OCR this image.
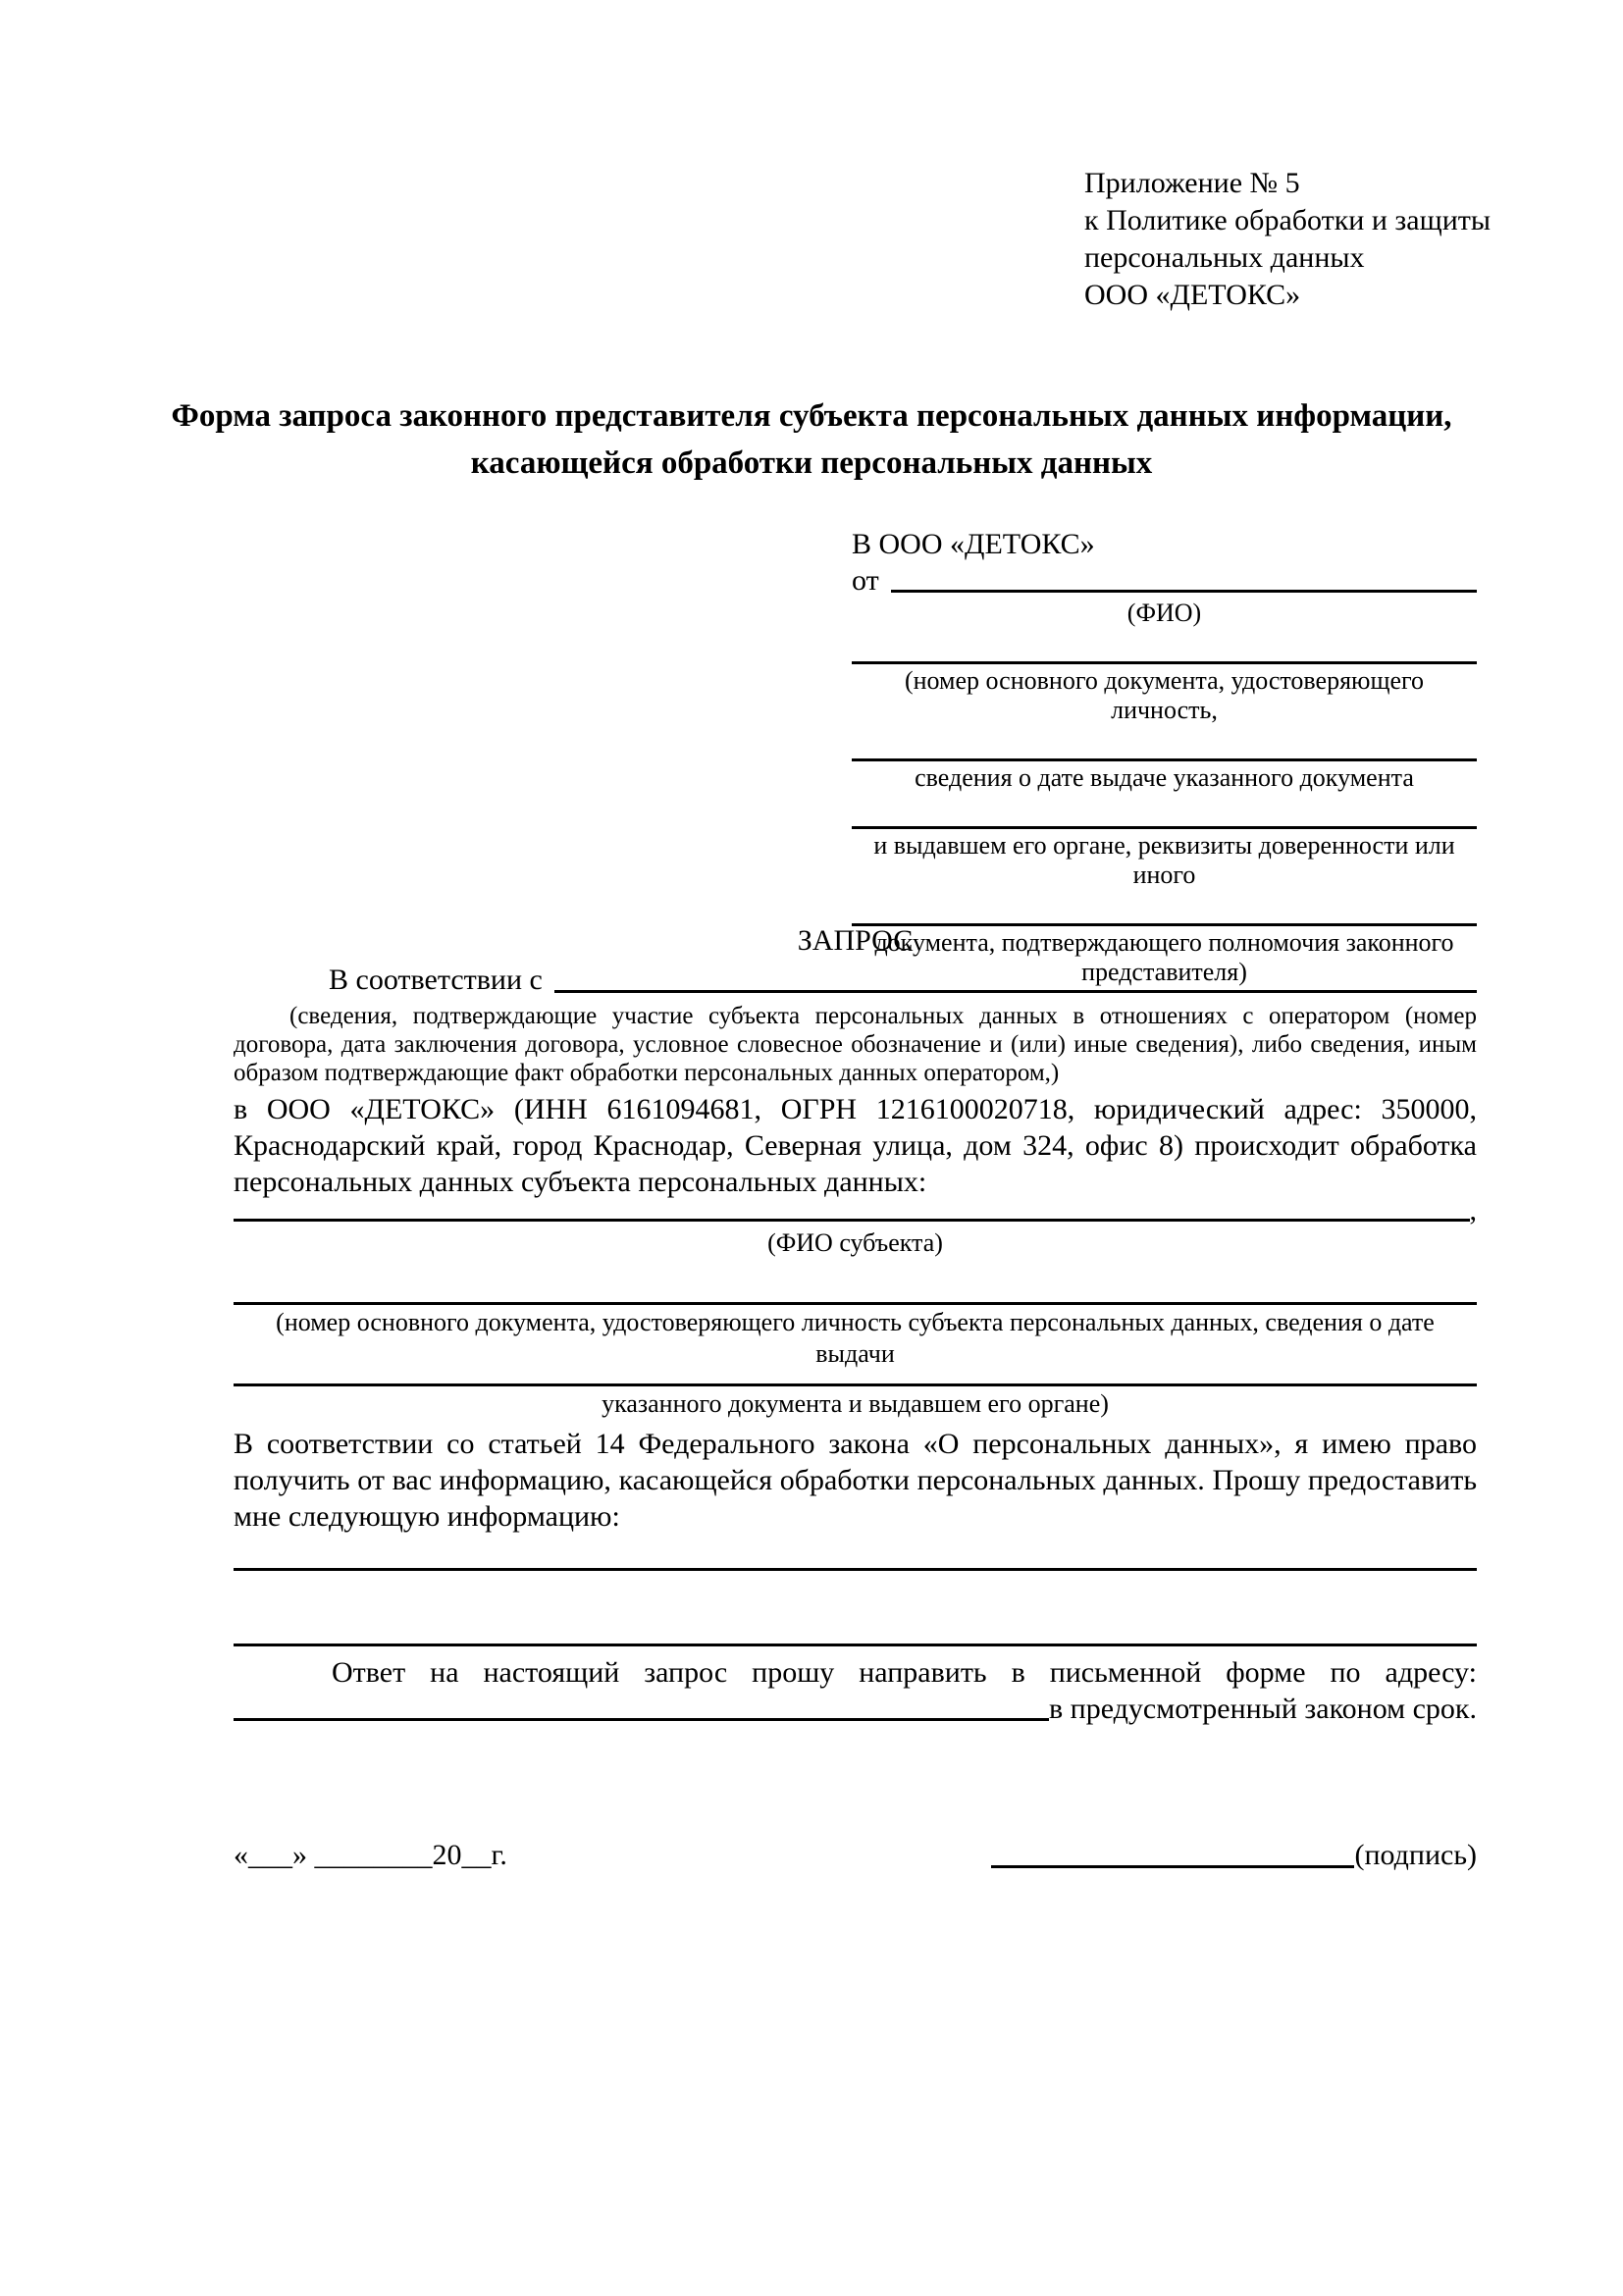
Приложение № 5
к Политике обработки и защиты
персональных данных
ООО «ДЕТОКС»
Форма запроса законного представителя субъекта персональных данных информации, касающейся обработки персональных данных
В ООО «ДЕТОКС»
от
(ФИО)
(номер основного документа, удостоверяющего личность,
сведения о дате выдаче указанного документа
и выдавшем его органе, реквизиты доверенности или иного
документа, подтверждающего полномочия законного представителя)
ЗАПРОС
В соответствии с
(сведения, подтверждающие участие субъекта персональных данных в отношениях с оператором (номер договора, дата заключения договора, условное словесное обозначение и (или) иные сведения), либо сведения, иным образом подтверждающие факт обработки персональных данных оператором,)
в ООО «ДЕТОКС» (ИНН 6161094681, ОГРН 1216100020718, юридический адрес: 350000, Краснодарский край, город Краснодар, Северная улица, дом 324, офис 8) происходит обработка персональных данных субъекта персональных данных:
,
(ФИО субъекта)
(номер основного документа, удостоверяющего личность субъекта персональных данных, сведения о дате выдачи
указанного документа и выдавшем его органе)
В соответствии со статьей 14 Федерального закона «О персональных данных», я имею право получить от вас информацию, касающейся обработки персональных данных. Прошу предоставить мне следующую информацию:
Ответ на настоящий запрос прошу направить в письменной форме по адресу:
в предусмотренный законом срок.
«___» ________20__г.	(подпись)
